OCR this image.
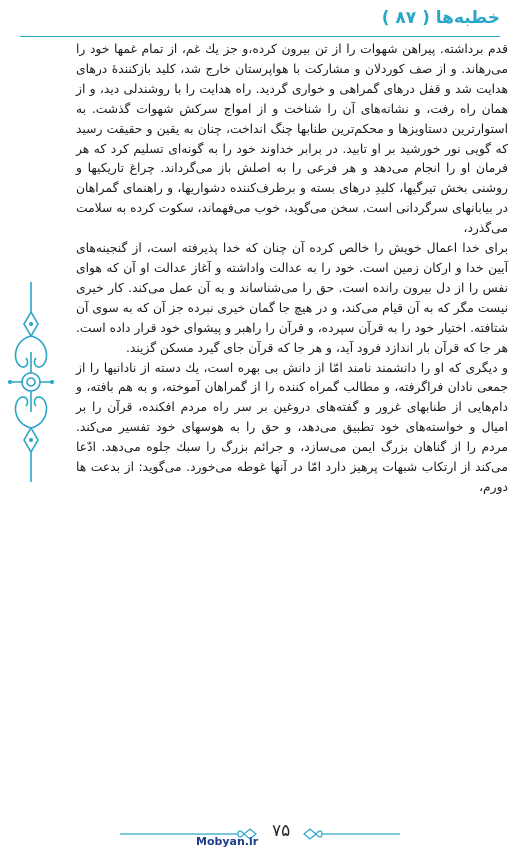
خطبه‌ها ( ۸۷ )

قدم برداشته. پیراهن شهوات را از تن بیرون کرده،و جز یك غم، از تمام غمها خود را می‌رهاند. و از صف كوردلان و مشاركت با هواپرستان خارج شد، كلید بازكنندهٔ درهای هدایت شد و قفل درهای گمراهی و خواری گردید. راه هدایت را با روشندلی دید، و از همان راه رفت، و نشانه‌های آن را شناخت و از امواج سركش شهوات گذشت. به استوارترین دستاویزها و محكم‌ترین طنابها چنگ انداخت، چنان به یقین و حقیقت رسید كه گویی نور خورشید بر او تابید. در برابر خداوند خود را به گونه‌ای تسلیم كرد كه هر فرمان او را انجام می‌دهد و هر فرعی را به اصلش باز می‌گرداند. چراغ تاریكیها و روشنی بخش تیرگیها، كلیدِ درهای بسته و برطرف‌كننده دشواریها، و راهنمای گمراهان در بیابانهای سرگردانی است. سخن می‌گوید، خوب می‌فهماند، سكوت كرده به سلامت می‌گذرد،

برای خدا اعمال خویش را خالص كرده آن چنان كه خدا پذیرفته است، از گنجینه‌های آیین خدا و اركان زمین است. خود را به عدالت واداشته و آغاز عدالت او آن كه هوای نفس را از دل بیرون رانده است. حق را می‌شناساند و به آن عمل می‌كند. كار خیری نیست مگر كه به آن قیام می‌كند، و در هیچ جا گمان خیری نبرده جز آن كه به سوی آن شتافته. اختیار خود را به قرآن سپرده، و قرآن را راهبر و پیشوای خود قرار داده است. هر جا كه قرآن بار اندازد فرود آید، و هر جا كه قرآن جای گیرد مسكن گزیند.

و دیگری كه او را دانشمند نامند امّا از دانش بی بهره است، یك دسته از نادانیها را از جمعی نادان فراگرفته، و مطالب گمراه كننده را از گمراهان آموخته، و به هم بافته، و دام‌هایی از طنابهای غرور و گفته‌های دروغین بر سر راه مردم افكنده، قرآن را بر امیال و خواسته‌های خود تطبیق می‌دهد، و حق را به هوسهای خود تفسیر می‌كند. مردم را از گناهان بزرگ ایمن می‌سازد، و جرائم بزرگ را سبك جلوه می‌دهد. ادّعا می‌كند از ارتكاب شبهات پرهیز دارد امّا در آنها غوطه می‌خورد. می‌گوید: از بدعت ها دورم،

۷۵
Mobyan.ir
